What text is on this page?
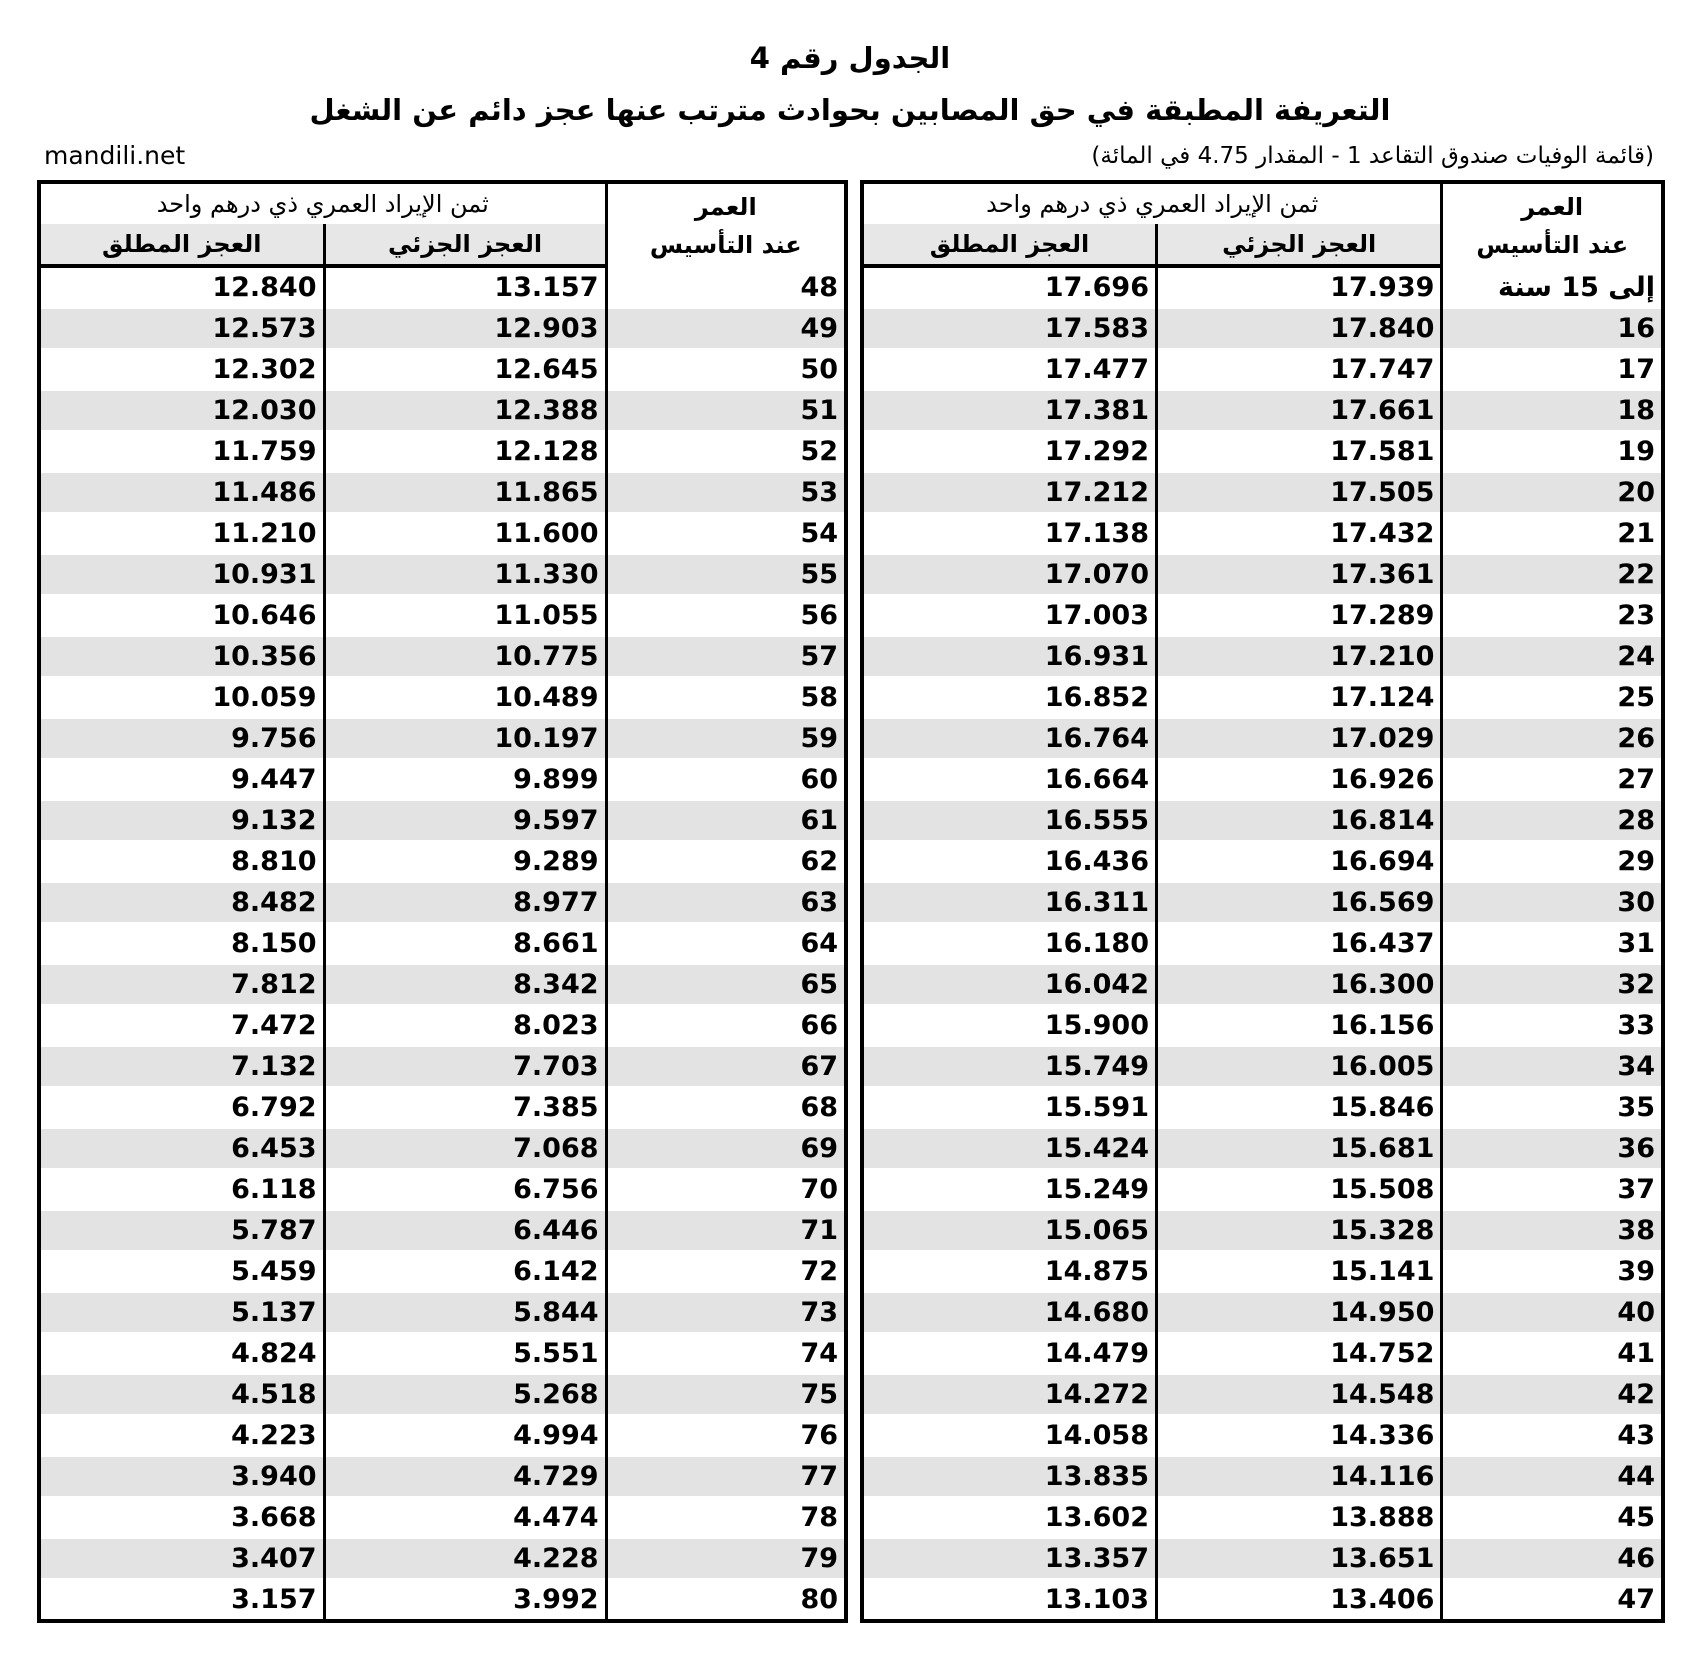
الجدول رقم 4
التعريفة المطبقة في حق المصابين بحوادث مترتب عنها عجز دائم عن الشغل
mandili.net	(قائمة الوفيات صندوق التقاعد 1 - المقدار 4.75 في المائة)
العمر
عند التأسيس	ثمن الإيراد العمري ذي درهم واحد	
	العجز الجزئي	العجز المطلق
إلى 15 سنة	17.939	17.696
16	17.840	17.583
17	17.747	17.477
18	17.661	17.381
19	17.581	17.292
20	17.505	17.212
21	17.432	17.138
22	17.361	17.070
23	17.289	17.003
24	17.210	16.931
25	17.124	16.852
26	17.029	16.764
27	16.926	16.664
28	16.814	16.555
29	16.694	16.436
30	16.569	16.311
31	16.437	16.180
32	16.300	16.042
33	16.156	15.900
34	16.005	15.749
35	15.846	15.591
36	15.681	15.424
37	15.508	15.249
38	15.328	15.065
39	15.141	14.875
40	14.950	14.680
41	14.752	14.479
42	14.548	14.272
43	14.336	14.058
44	14.116	13.835
45	13.888	13.602
46	13.651	13.357
47	13.406	13.103
العمر
عند التأسيس	ثمن الإيراد العمري ذي درهم واحد	
	العجز الجزئي	العجز المطلق
48	13.157	12.840
49	12.903	12.573
50	12.645	12.302
51	12.388	12.030
52	12.128	11.759
53	11.865	11.486
54	11.600	11.210
55	11.330	10.931
56	11.055	10.646
57	10.775	10.356
58	10.489	10.059
59	10.197	9.756
60	9.899	9.447
61	9.597	9.132
62	9.289	8.810
63	8.977	8.482
64	8.661	8.150
65	8.342	7.812
66	8.023	7.472
67	7.703	7.132
68	7.385	6.792
69	7.068	6.453
70	6.756	6.118
71	6.446	5.787
72	6.142	5.459
73	5.844	5.137
74	5.551	4.824
75	5.268	4.518
76	4.994	4.223
77	4.729	3.940
78	4.474	3.668
79	4.228	3.407
80	3.992	3.157
